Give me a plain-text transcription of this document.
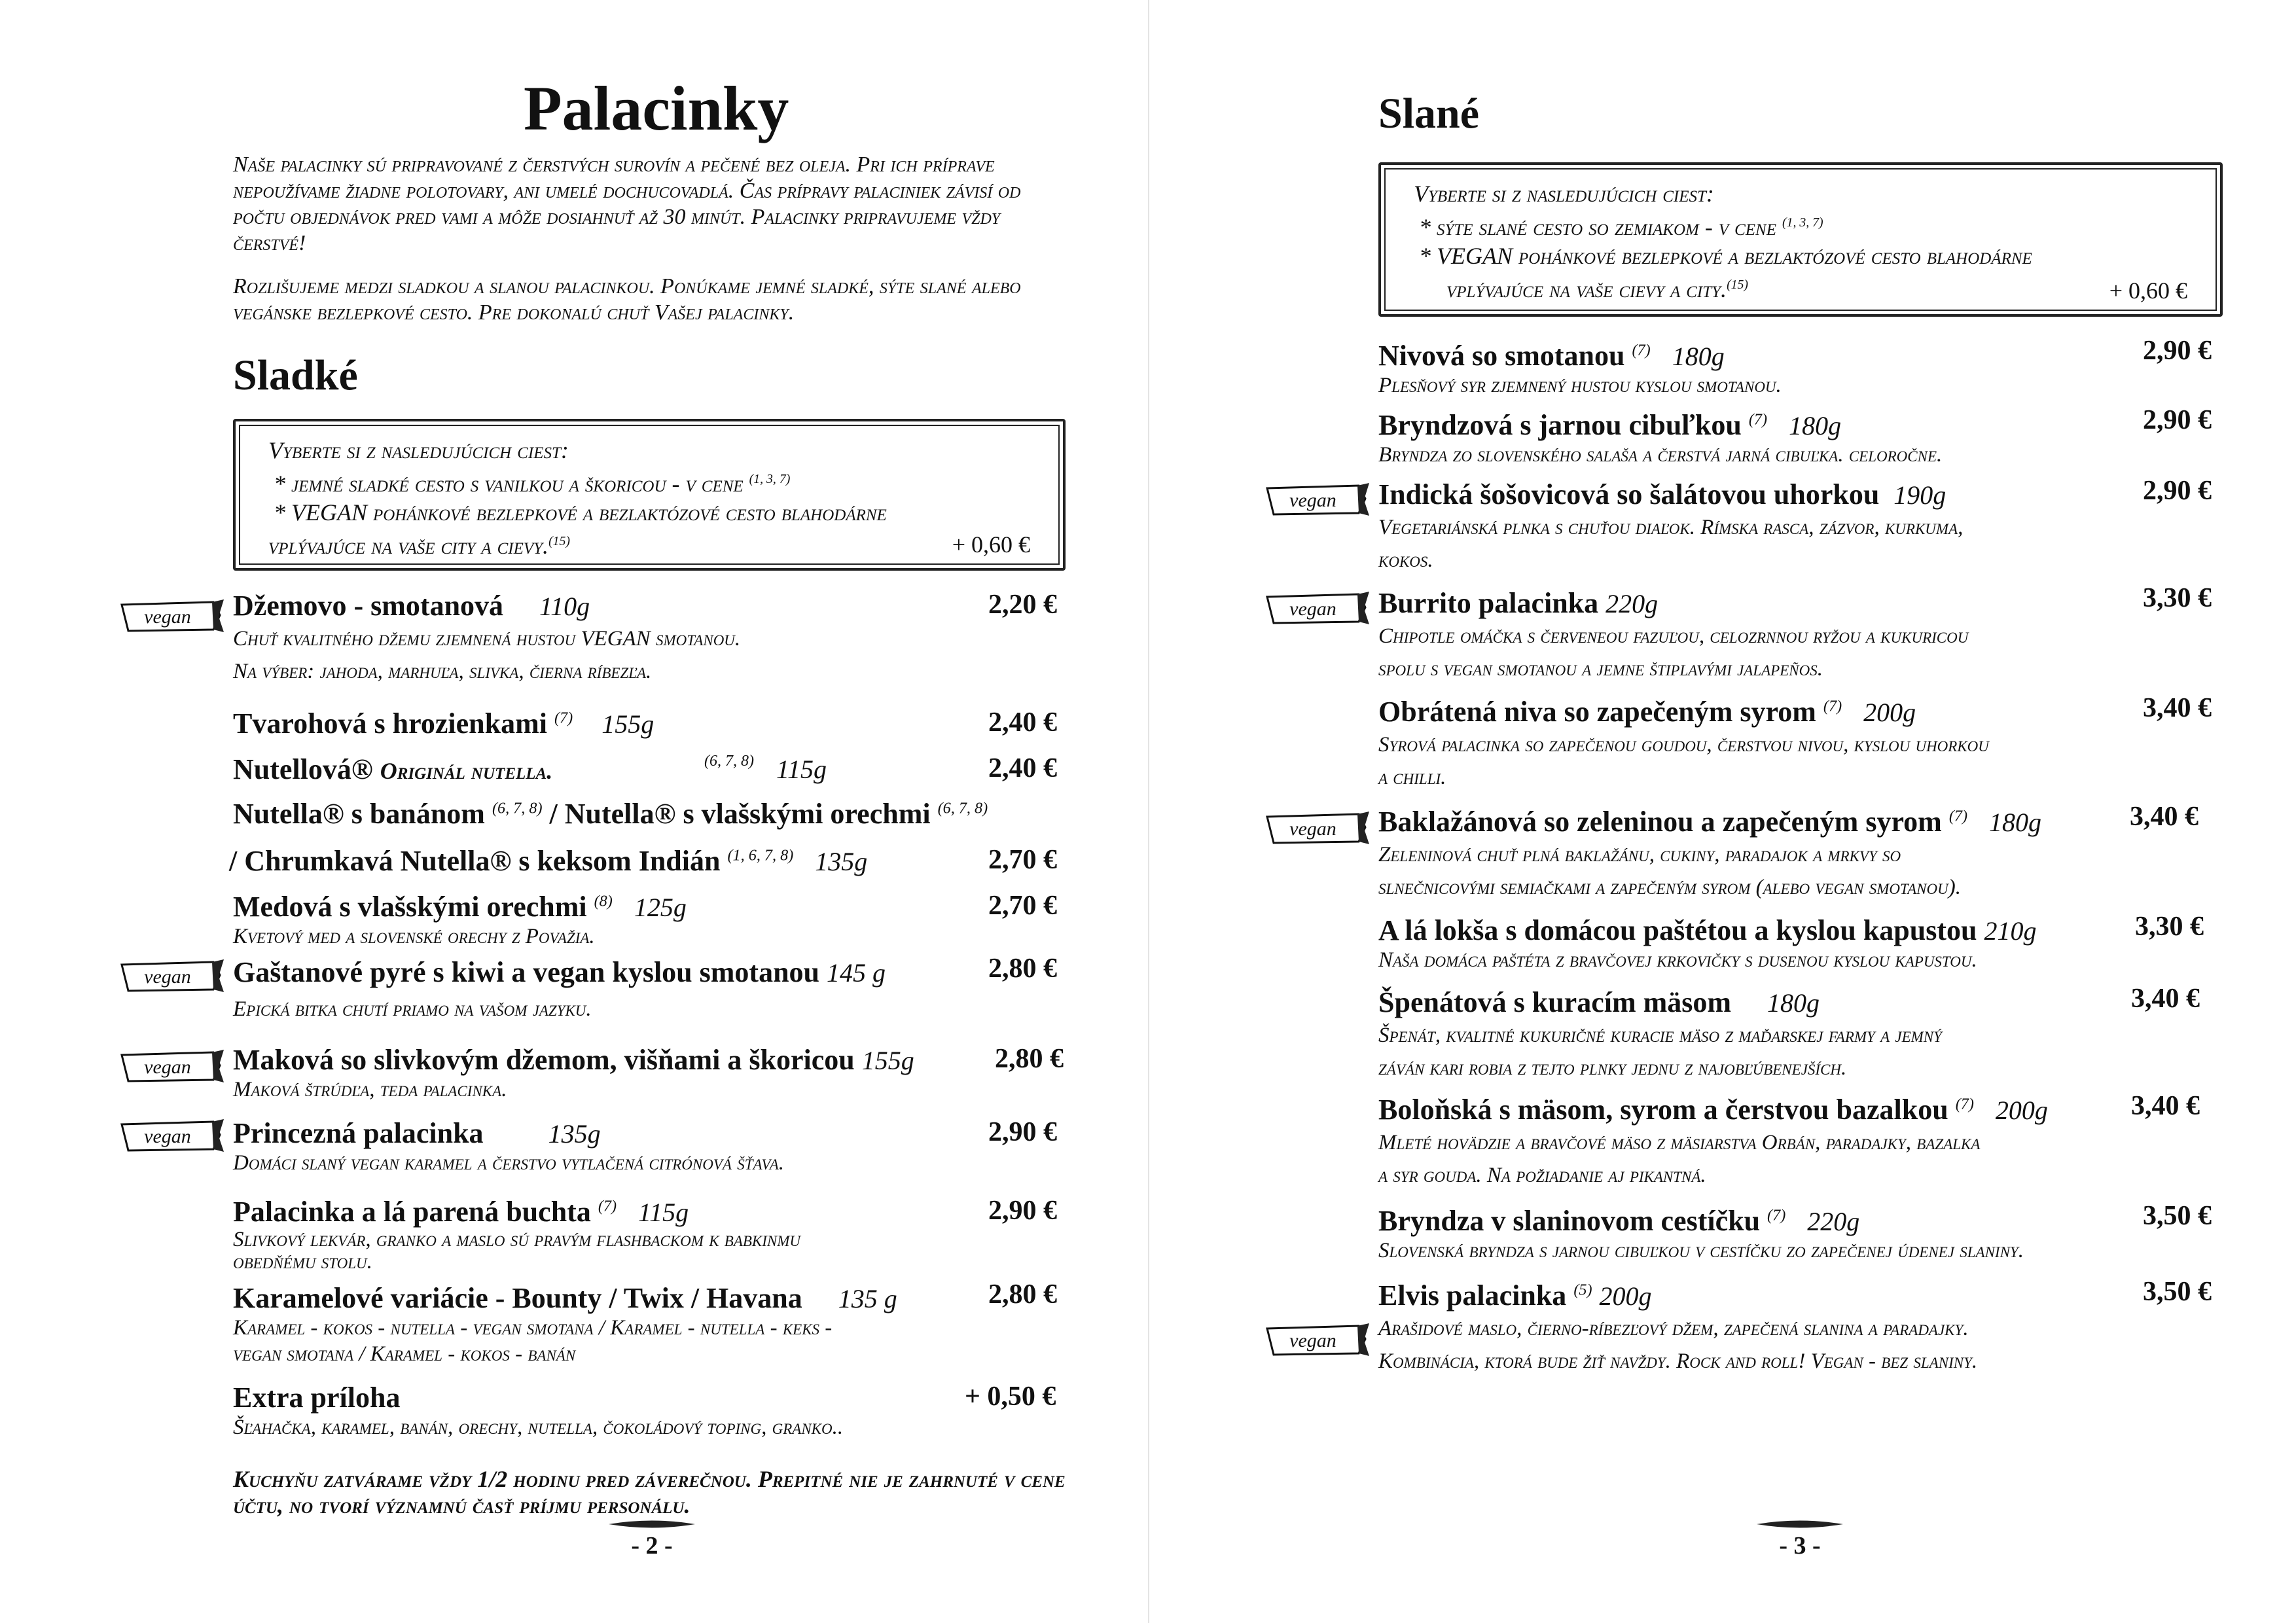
Palacinky
Naše palacinky sú pripravované z čerstvých surovín a pečené bez oleja. Pri ich príprave nepoužívame žiadne polotovary, ani umelé dochucovadlá. Čas prípravy palaciniek závisí od počtu objednávok pred vami a môže dosiahnuť až 30 minút. Palacinky pripravujeme vždy čerstvé!
Rozlišujeme medzi sladkou a slanou palacinkou. Ponúkame jemné sladké, sýte slané alebo vegánske bezlepkové cesto. Pre dokonalú chuť Vašej palacinky.
Sladké
Vyberte si z nasledujúcich ciest:
* jemné sladké cesto s vanilkou a škoricou - v cene $^{(1, 3, 7)}$
* VEGAN pohánkové bezlepkové a bezlaktózové cesto blahodárne
vplývajúce na vaše city a cievy.$^{(15)}$	+ 0,60 €
vegan
vegan
vegan
vegan
Džemovo - smotanová 110g
Chuť kvalitného džemu zjemnená hustou VEGAN smotanou.
Na výber: jahoda, marhuľa, slivka, čierna ríbezľa.
2,20 €
Tvarohová s hrozienkami $^{(7)}$ 155g	2,40 €
Nutellová® Originál nutella.	(6, 7, 8) 115g	2,40 €
Nutella® s banánom $^{(6, 7, 8)}$ / Nutella® s vlašskými orechmi $^{(6, 7, 8)}$
/ Chrumkavá Nutella® s keksom Indián $^{(1, 6, 7, 8)}$ 135g	2,70 €
Medová s vlašskými orechmi $^{(8)}$ 125g
Kvetový med a slovenské orechy z Považia.
2,70 €
Gaštanové pyré s kiwi a vegan kyslou smotanou 145 g
Epická bitka chutí priamo na vašom jazyku.
2,80 €
Maková so slivkovým džemom, višňami a škoricou 155g
Maková štrúdľa, teda palacinka.
2,80 €
Princezná palacinka 135g
Domáci slaný vegan karamel a čerstvo vytlačená citrónová šťava.
2,90 €
Palacinka a lá parená buchta $^{(7)}$ 115g
Slivkový lekvár, granko a maslo sú pravým flashbackom k babkinmu
obedňému stolu.
2,90 €
Karamelové variácie - Bounty / Twix / Havana 135 g
Karamel - kokos - nutella - vegan smotana / Karamel - nutella - keks -
vegan smotana / Karamel - kokos - banán
2,80 €
Extra príloha
Šľahačka, karamel, banán, orechy, nutella, čokoládový toping, granko..
+ 0,50 €
Kuchyňu zatvárame vždy 1/2 hodinu pred záverečnou. Prepitné nie je zahrnuté v cene účtu, no tvorí významnú časť príjmu personálu.
- 2 -
Slané
Vyberte si z nasledujúcich ciest:
* sýte slané cesto so zemiakom - v cene $^{(1, 3, 7)}$
* VEGAN pohánkové bezlepkové a bezlaktózové cesto blahodárne
vplývajúce na vaše cievy a city.$^{(15)}$	+ 0,60 €
vegan
vegan
vegan
vegan
Nivová so smotanou $^{(7)}$ 180g
Plesňový syr zjemnený hustou kyslou smotanou.
2,90 €
Bryndzová s jarnou cibuľkou $^{(7)}$ 180g
Bryndza zo slovenského salaša a čerstvá jarná cibuľka. celoročne.
2,90 €
Indická šošovicová so šalátovou uhorkou 190g
Vegetariánská plnka s chuťou diaľok. Rímska rasca, zázvor, kurkuma,
kokos.
2,90 €
Burrito palacinka 220g
Chipotle omáčka s červeneou fazuľou, celozrnnou ryžou a kukuricou
spolu s vegan smotanou a jemne štiplavými jalapeños.
3,30 €
Obrátená niva so zapečeným syrom $^{(7)}$ 200g
Syrová palacinka so zapečenou goudou, čerstvou nivou, kyslou uhorkou
a chilli.
3,40 €
Baklažánová so zeleninou a zapečeným syrom $^{(7)}$ 180g
Zeleninová chuť plná baklažánu, cukiny, paradajok a mrkvy so
slnečnicovými semiačkami a zapečeným syrom (alebo vegan smotanou).
3,40 €
A lá lokša s domácou paštétou a kyslou kapustou 210g
Naša domáca paštéta z bravčovej krkovičky s dusenou kyslou kapustou.
3,30 €
Špenátová s kuracím mäsom 180g
Špenát, kvalitné kukuričné kuracie mäso z maďarskej farmy a jemný
záván kari robia z tejto plnky jednu z najobľúbenejších.
3,40 €
Boloňská s mäsom, syrom a čerstvou bazalkou $^{(7)}$ 200g
Mleté hovädzie a bravčové mäso z mäsiarstva Orbán, paradajky, bazalka
a syr gouda. Na požiadanie aj pikantná.
3,40 €
Bryndza v slaninovom cestíčku $^{(7)}$ 220g
Slovenská bryndza s jarnou cibuľkou v cestíčku zo zapečenej údenej slaniny.
3,50 €
Elvis palacinka $^{(5)}$ 200g
Arašidové maslo, čierno-ríbezľový džem, zapečená slanina a paradajky.
Kombinácia, ktorá bude žiť navždy. Rock and roll! Vegan - bez slaniny.
3,50 €
- 3 -
